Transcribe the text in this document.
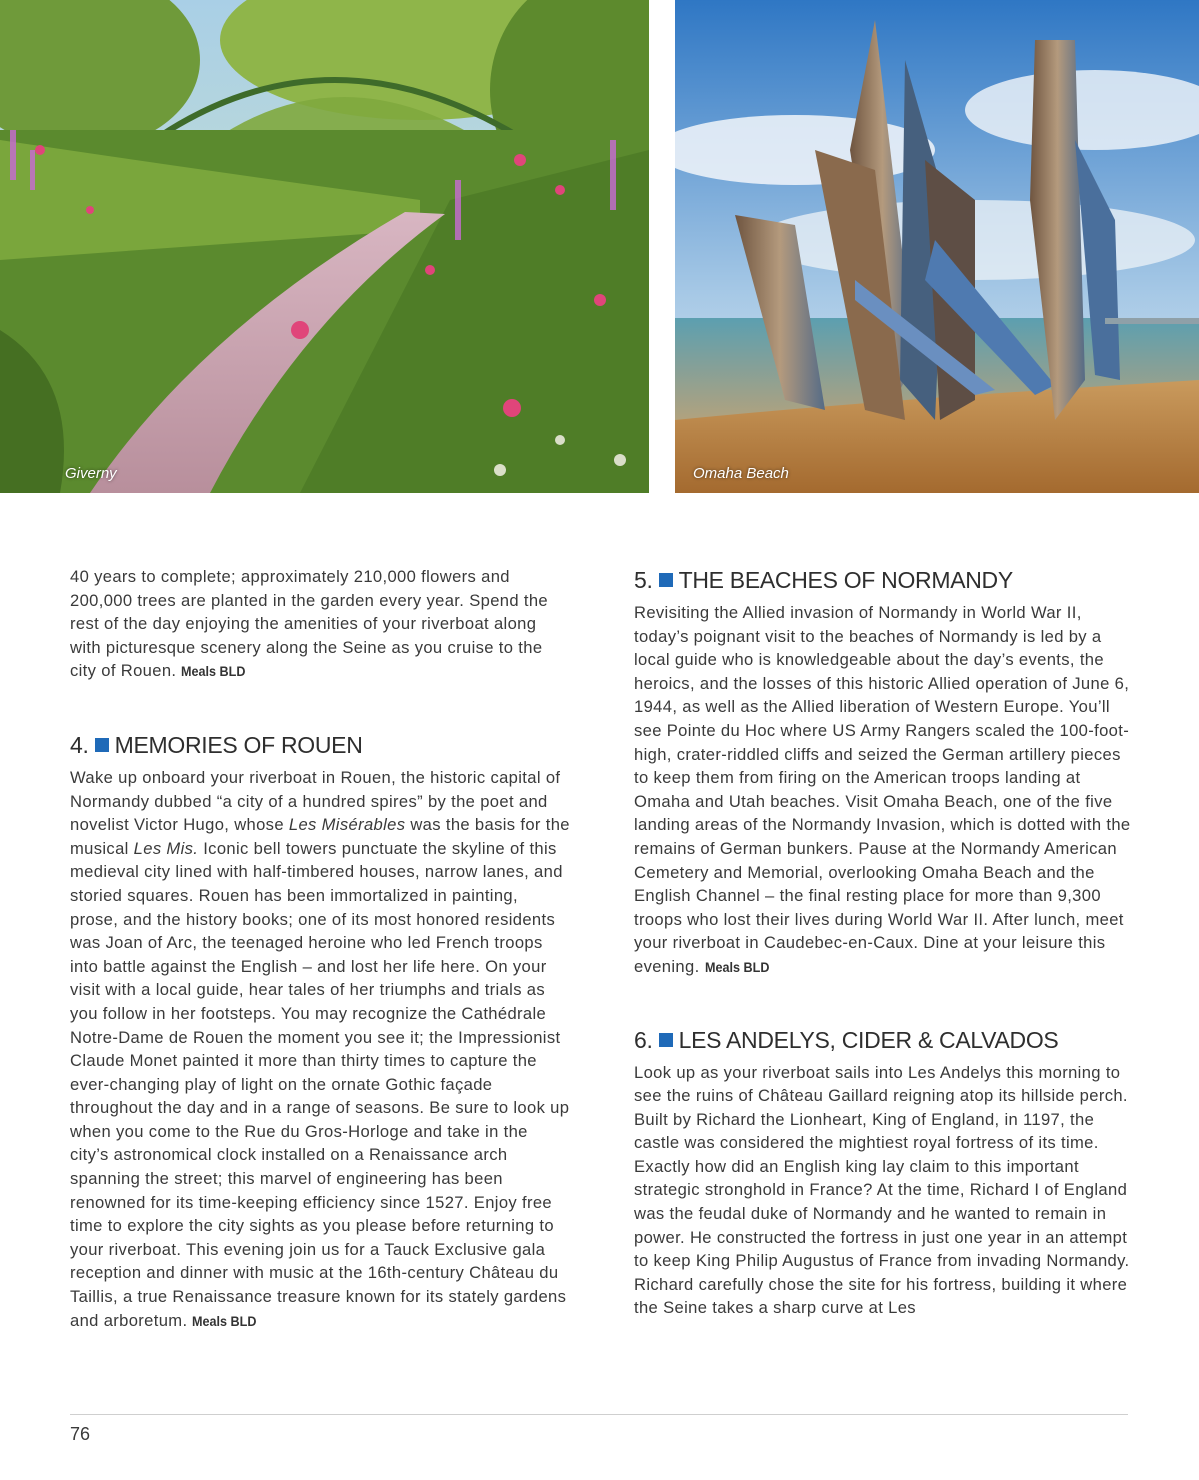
Giverny	Omaha Beach

40 years to complete; approximately 210,000 flowers and 200,000 trees are planted in the garden every year. Spend the rest of the day enjoying the amenities of your riverboat along with picturesque scenery along the Seine as you cruise to the city of Rouen. Meals BLD

4. MEMORIES OF ROUEN

Wake up onboard your riverboat in Rouen, the historic capital of Normandy dubbed “a city of a hundred spires” by the poet and novelist Victor Hugo, whose Les Misérables was the basis for the musical Les Mis. Iconic bell towers punctuate the skyline of this medieval city lined with half-timbered houses, narrow lanes, and storied squares. Rouen has been immortalized in painting, prose, and the history books; one of its most honored residents was Joan of Arc, the teenaged heroine who led French troops into battle against the English – and lost her life here. On your visit with a local guide, hear tales of her triumphs and trials as you follow in her footsteps. You may recognize the Cathédrale Notre-Dame de Rouen the moment you see it; the Impressionist Claude Monet painted it more than thirty times to capture the ever-changing play of light on the ornate Gothic façade throughout the day and in a range of seasons. Be sure to look up when you come to the Rue du Gros-Horloge and take in the city’s astronomical clock installed on a Renaissance arch spanning the street; this marvel of engineering has been renowned for its time-keeping efficiency since 1527. Enjoy free time to explore the city sights as you please before returning to your riverboat. This evening join us for a Tauck Exclusive gala reception and dinner with music at the 16th-century Château du Taillis, a true Renaissance treasure known for its stately gardens and arboretum. Meals BLD

5. THE BEACHES OF NORMANDY

Revisiting the Allied invasion of Normandy in World War II, today’s poignant visit to the beaches of Normandy is led by a local guide who is knowledgeable about the day’s events, the heroics, and the losses of this historic Allied operation of June 6, 1944, as well as the Allied liberation of Western Europe. You’ll see Pointe du Hoc where US Army Rangers scaled the 100-foot-high, crater-riddled cliffs and seized the German artillery pieces to keep them from firing on the American troops landing at Omaha and Utah beaches. Visit Omaha Beach, one of the five landing areas of the Normandy Invasion, which is dotted with the remains of German bunkers. Pause at the Normandy American Cemetery and Memorial, overlooking Omaha Beach and the English Channel – the final resting place for more than 9,300 troops who lost their lives during World War II. After lunch, meet your riverboat in Caudebec-en-Caux. Dine at your leisure this evening. Meals BLD

6. LES ANDELYS, CIDER & CALVADOS

Look up as your riverboat sails into Les Andelys this morning to see the ruins of Château Gaillard reigning atop its hillside perch. Built by Richard the Lionheart, King of England, in 1197, the castle was considered the mightiest royal fortress of its time. Exactly how did an English king lay claim to this important strategic stronghold in France? At the time, Richard I of England was the feudal duke of Normandy and he wanted to remain in power. He constructed the fortress in just one year in an attempt to keep King Philip Augustus of France from invading Normandy. Richard carefully chose the site for his fortress, building it where the Seine takes a sharp curve at Les

76
